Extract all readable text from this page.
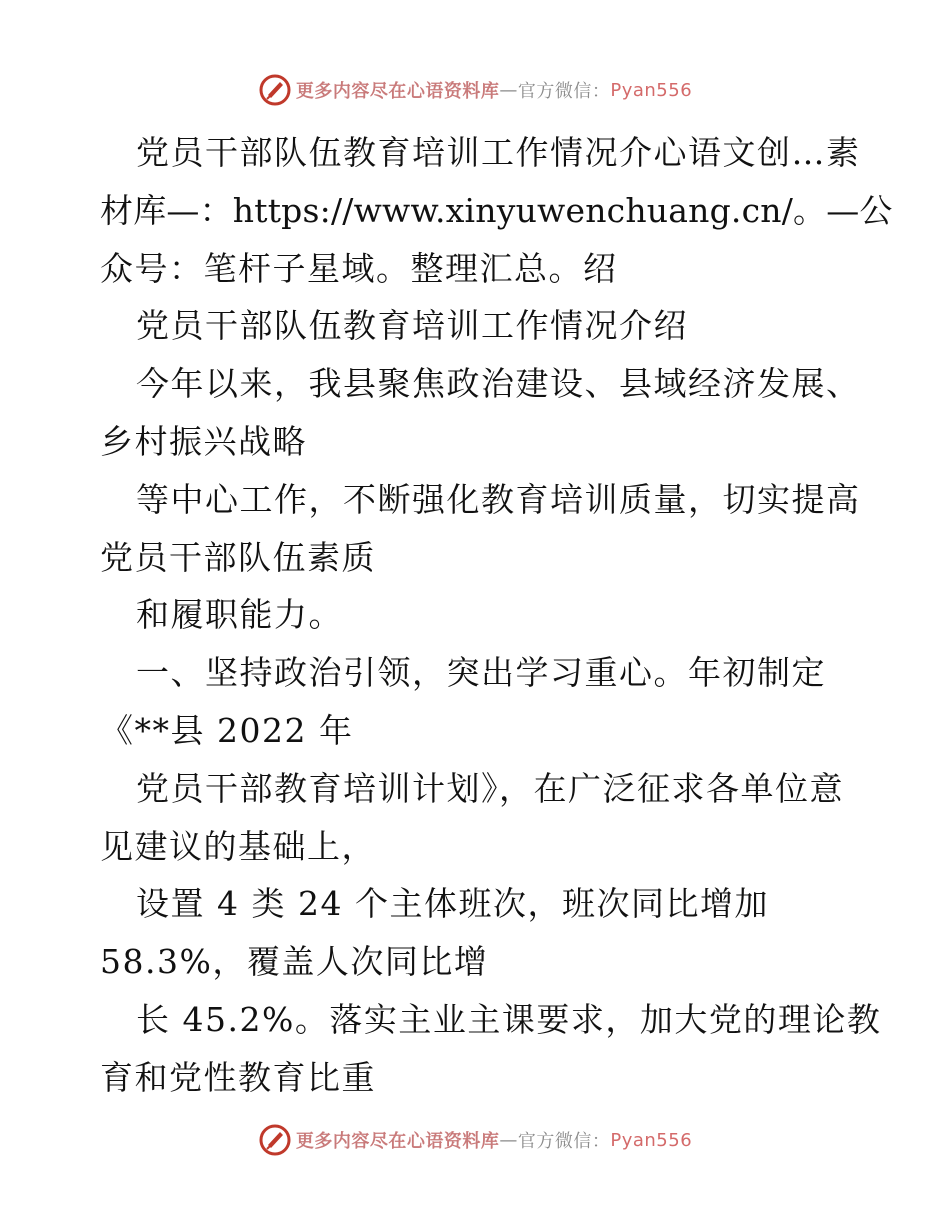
更多内容尽在心语资料库 — 官方微信： Pyan556
党员干部队伍教育培训工作情况介心语文创…素
材库—：https://www.xinyuwenchuang.cn/。—公
众号：笔杆子星域。整理汇总。绍
党员干部队伍教育培训工作情况介绍
今年以来，我县聚焦政治建设、县域经济发展、
乡村振兴战略
等中心工作，不断强化教育培训质量，切实提高
党员干部队伍素质
和履职能力。
一、坚持政治引领，突出学习重心。年初制定
《**县 2022 年
党员干部教育培训计划》，在广泛征求各单位意
见建议的基础上，
设置 4 类 24 个主体班次，班次同比增加
58.3%，覆盖人次同比增
长 45.2%。落实主业主课要求，加大党的理论教
育和党性教育比重
更多内容尽在心语资料库 — 官方微信： Pyan556
